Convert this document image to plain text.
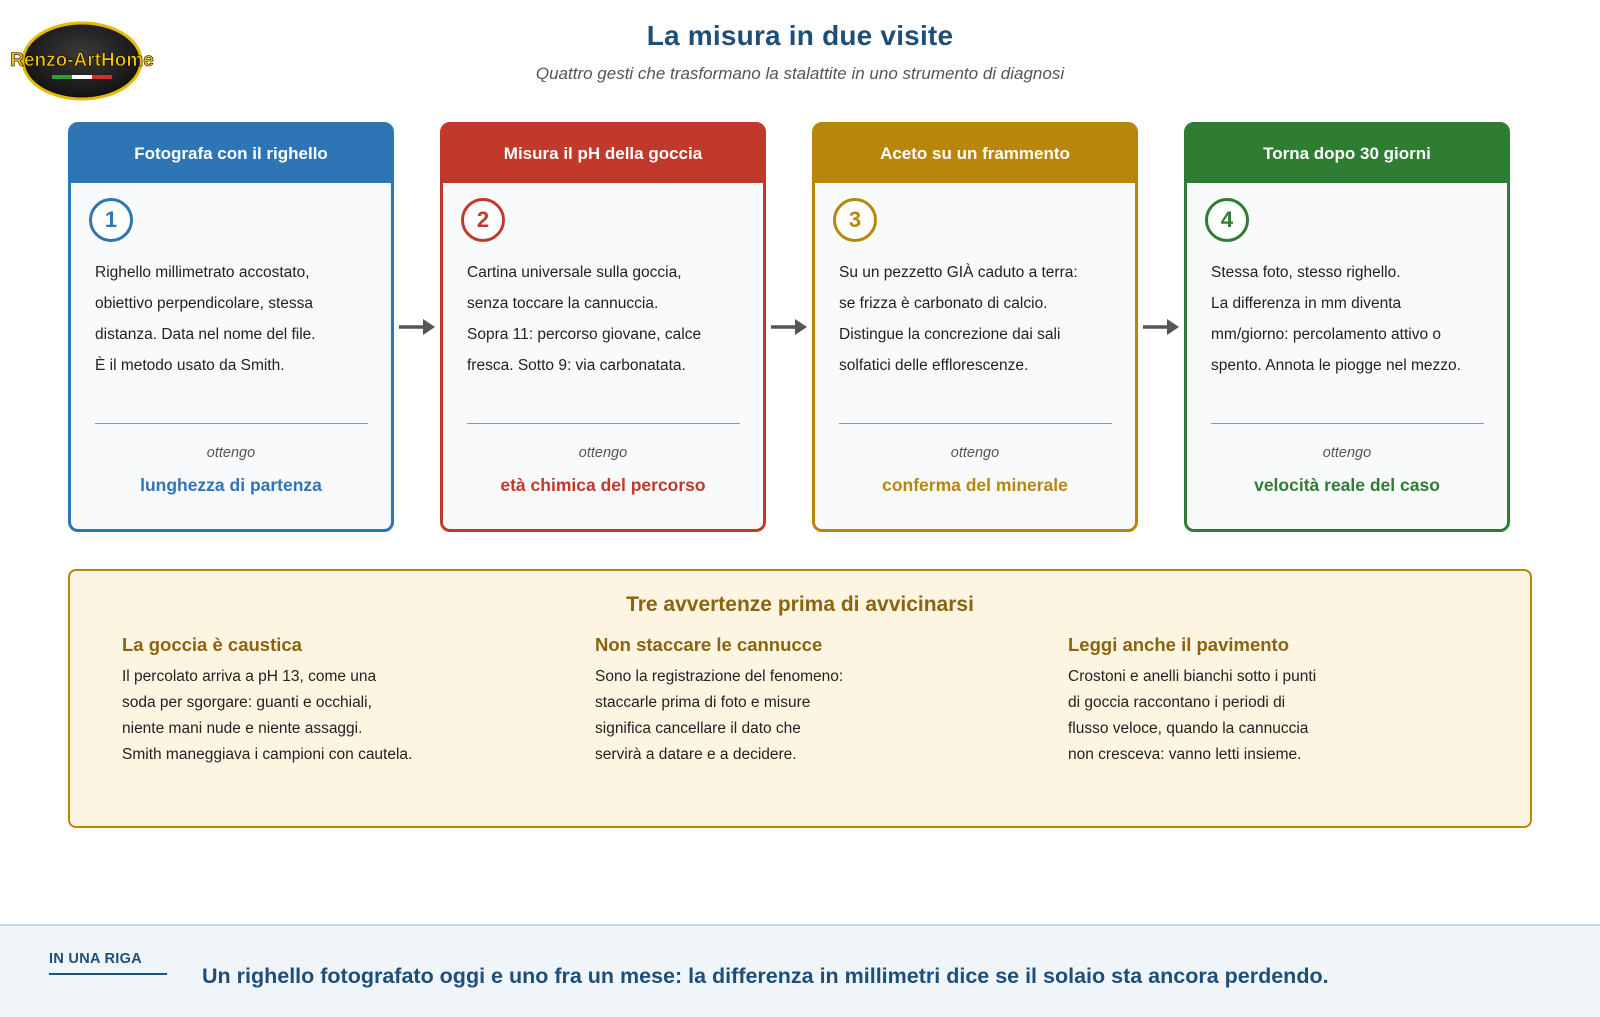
Renzo-ArtHome
La misura in due visite
Quattro gesti che trasformano la stalattite in uno strumento di diagnosi
Fotografa con il righello
1
Righello millimetrato accostato,
obiettivo perpendicolare, stessa
distanza. Data nel nome del file.
È il metodo usato da Smith.
ottengo
lunghezza di partenza
Misura il pH della goccia
2
Cartina universale sulla goccia,
senza toccare la cannuccia.
Sopra 11: percorso giovane, calce
fresca. Sotto 9: via carbonatata.
ottengo
età chimica del percorso
Aceto su un frammento
3
Su un pezzetto GIÀ caduto a terra:
se frizza è carbonato di calcio.
Distingue la concrezione dai sali
solfatici delle efflorescenze.
ottengo
conferma del minerale
Torna dopo 30 giorni
4
Stessa foto, stesso righello.
La differenza in mm diventa
mm/giorno: percolamento attivo o
spento. Annota le piogge nel mezzo.
ottengo
velocità reale del caso
Tre avvertenze prima di avvicinarsi
La goccia è caustica
Il percolato arriva a pH 13, come una
soda per sgorgare: guanti e occhiali,
niente mani nude e niente assaggi.
Smith maneggiava i campioni con cautela.
Non staccare le cannucce
Sono la registrazione del fenomeno:
staccarle prima di foto e misure
significa cancellare il dato che
servirà a datare e a decidere.
Leggi anche il pavimento
Crostoni e anelli bianchi sotto i punti
di goccia raccontano i periodi di
flusso veloce, quando la cannuccia
non cresceva: vanno letti insieme.
IN UNA RIGA
Un righello fotografato oggi e uno fra un mese: la differenza in millimetri dice se il solaio sta ancora perdendo.
